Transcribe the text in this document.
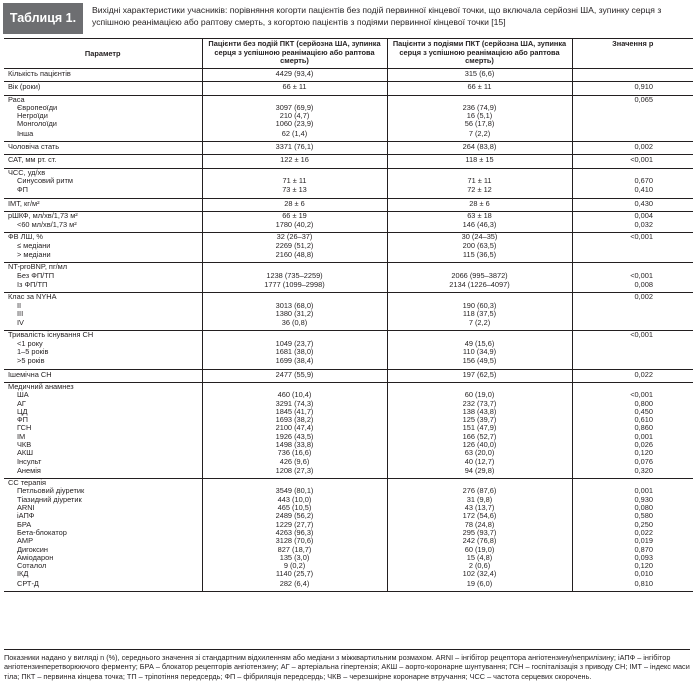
Таблиця 1.
Вихідні характеристики учасників: порівняння когорти пацієнтів без подій первинної кінцевої точки, що включала серйозні ША, зупинку серця з успішною реанімацією або раптову смерть, з когортою пацієнтів з подіями первинної кінцевої точки [15]
Параметр	Пацієнти без подій ПКТ (серйозна ША, зупинка серця з успішною реанімацією або раптова смерть)	Пацієнти з подіями ПКТ (серйозна ША, зупинка серця з успішною реанімацією або раптова смерть)	Значення p
Кількість пацієнтів	4429 (93,4)	315 (6,6)	
Вік (роки)	66 ± 11	66 ± 11	0,910
Раса			0,065
Європеоїди	3097 (69,9)	236 (74,9)	
Негроїди	210 (4,7)	16 (5,1)	
Монголоїди	1060 (23,9)	56 (17,8)	
Інша	62 (1,4)	7 (2,2)	
Чоловіча стать	3371 (76,1)	264 (83,8)	0,002
САТ, мм рт. ст.	122 ± 16	118 ± 15	<0,001
ЧСС, уд/хв			
Синусовий ритм	71 ± 11	71 ± 11	0,670
ФП	73 ± 13	72 ± 12	0,410
ІМТ, кг/м²	28 ± 6	28 ± 6	0,430
рШКФ, мл/хв/1,73 м²	66 ± 19	63 ± 18	0,004
<60 мл/хв/1,73 м²	1780 (40,2)	146 (46,3)	0,032
ФВ ЛШ, %	32 (26–37)	30 (24–35)	<0,001
≤ медіани	2269 (51,2)	200 (63,5)	
> медіани	2160 (48,8)	115 (36,5)	
NT-proBNP, пг/мл			
Без ФП/ТП	1238 (735–2259)	2066 (995–3872)	<0,001
Із ФП/ТП	1777 (1099–2998)	2134 (1226–4097)	0,008
Клас за NYHA			0,002
II	3013 (68,0)	190 (60,3)	
III	1380 (31,2)	118 (37,5)	
IV	36 (0,8)	7 (2,2)	
Тривалість існування СН			<0,001
<1 року	1049 (23,7)	49 (15,6)	
1–5 років	1681 (38,0)	110 (34,9)	
>5 років	1699 (38,4)	156 (49,5)	
Ішемічна СН	2477 (55,9)	197 (62,5)	0,022
Медичний анамнез			
ША	460 (10,4)	60 (19,0)	<0,001
АГ	3291 (74,3)	232 (73,7)	0,800
ЦД	1845 (41,7)	138 (43,8)	0,450
ФП	1693 (38,2)	125 (39,7)	0,610
ГСН	2100 (47,4)	151 (47,9)	0,860
ІМ	1926 (43,5)	166 (52,7)	0,001
ЧКВ	1498 (33,8)	126 (40,0)	0,026
АКШ	736 (16,6)	63 (20,0)	0,120
Інсульт	426 (9,6)	40 (12,7)	0,076
Анемія	1208 (27,3)	94 (29,8)	0,320
СС терапія			
Петльовий діуретик	3549 (80,1)	276 (87,6)	0,001
Тіазидний діуретик	443 (10,0)	31 (9,8)	0,930
ARNI	465 (10,5)	43 (13,7)	0,080
іАПФ	2489 (56,2)	172 (54,6)	0,580
БРА	1229 (27,7)	78 (24,8)	0,250
Бета-блокатор	4263 (96,3)	295 (93,7)	0,022
АМР	3128 (70,6)	242 (76,8)	0,019
Дигоксин	827 (18,7)	60 (19,0)	0,870
Аміодарон	135 (3,0)	15 (4,8)	0,093
Соталол	9 (0,2)	2 (0,6)	0,120
ІКД	1140 (25,7)	102 (32,4)	0,010
СРТ-Д	282 (6,4)	19 (6,0)	0,810
Показники надано у вигляді n (%), середнього значення зі стандартним відхиленням або медіани з міжквартильним розмахом. ARNI – інгібітор рецептора ангіотензину/неприлізину; іАПФ – інгібітор ангіотензинперетворюючого ферменту; БРА – блокатор рецепторів ангіотензину; АГ – артеріальна гіпертензія; АКШ – аорто-коронарне шунтування; ГСН – госпіталізація з приводу СН; ІМТ – індекс маси тіла; ПКТ – первинна кінцева точка; ТП – тріпотіння передсердь; ФП – фібриляція передсердь; ЧКВ – черезшкірне коронарне втручання; ЧСС – частота серцевих скорочень.
